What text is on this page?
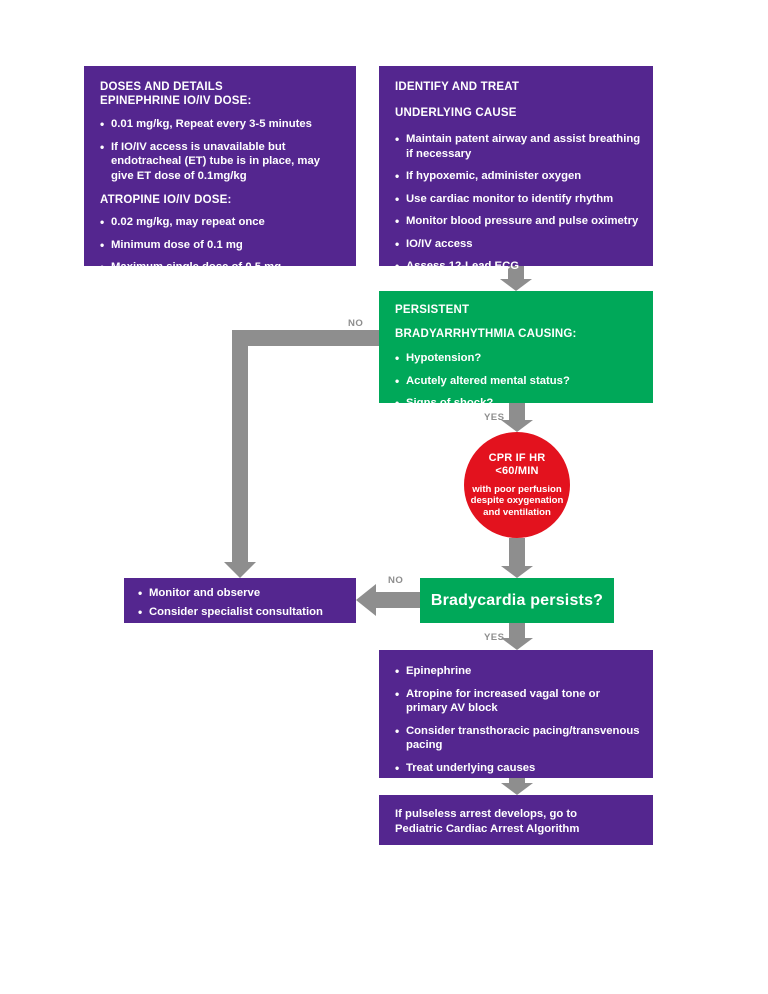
NO
YES
NO
YES
DOSES AND DETAILS
EPINEPHRINE IO/IV DOSE:
• 0.01 mg/kg, Repeat every 3-5 minutes
• If IO/IV access is unavailable but endotracheal (ET) tube is in place, may give ET dose of 0.1mg/kg
ATROPINE IO/IV DOSE:
• 0.02 mg/kg, may repeat once
• Minimum dose of 0.1 mg
• Maximum single dose of 0.5 mg
IDENTIFY AND TREAT
UNDERLYING CAUSE
• Maintain patent airway and assist breathing if necessary
• If hypoxemic, administer oxygen
• Use cardiac monitor to identify rhythm
• Monitor blood pressure and pulse oximetry
• IO/IV access
• Assess 12-Lead ECG
PERSISTENT
BRADYARRHYTHMIA CAUSING:
• Hypotension?
• Acutely altered mental status?
• Signs of shock?
CPR IF HR
<60/MIN
with poor perfusion
despite oxygenation
and ventilation
• Monitor and observe
• Consider specialist consultation
Bradycardia persists?
• Epinephrine
• Atropine for increased vagal tone or primary AV block
• Consider transthoracic pacing/transvenous pacing
• Treat underlying causes
If pulseless arrest develops, go to
Pediatric Cardiac Arrest Algorithm
